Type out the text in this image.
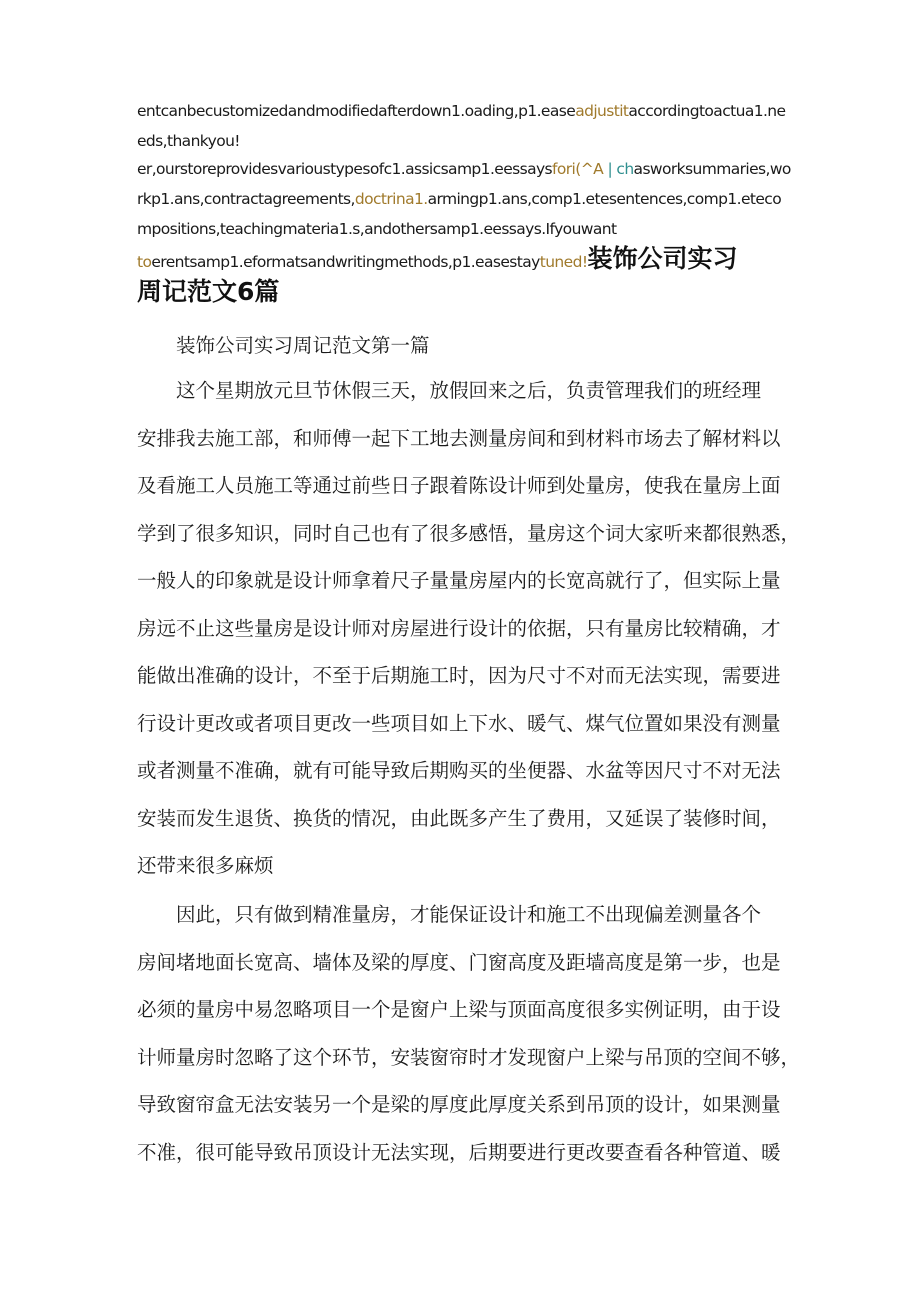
entcanbecustomizedandmodifiedafterdown1.oading,p1.easeadjustitaccordingtoactua1.needs,thankyou!

er,ourstoreprovidesvarioustypesofc1.assicsamp1.eessaysfori(^A | chasworksummaries,workp1.ans,contractagreements,doctrina1.armingp1.ans,comp1.etesentences,comp1.etecompositions,teachingmateria1.s,andothersamp1.eessays.Ifyouwant
toerentsamp1.eformatsandwritingmethods,p1.easestaytuned!装饰公司实习

周记范文6篇

装饰公司实习周记范文第一篇

这个星期放元旦节休假三天，放假回来之后，负责管理我们的班经理
安排我去施工部，和师傅一起下工地去测量房间和到材料市场去了解材料以
及看施工人员施工等通过前些日子跟着陈设计师到处量房，使我在量房上面
学到了很多知识，同时自己也有了很多感悟，量房这个词大家听来都很熟悉，
一般人的印象就是设计师拿着尺子量量房屋内的长宽高就行了，但实际上量
房远不止这些量房是设计师对房屋进行设计的依据，只有量房比较精确，才
能做出准确的设计，不至于后期施工时，因为尺寸不对而无法实现，需要进
行设计更改或者项目更改一些项目如上下水、暖气、煤气位置如果没有测量
或者测量不准确，就有可能导致后期购买的坐便器、水盆等因尺寸不对无法
安装而发生退货、换货的情况，由此既多产生了费用，又延误了装修时间，
还带来很多麻烦

因此，只有做到精准量房，才能保证设计和施工不出现偏差测量各个
房间堵地面长宽高、墙体及梁的厚度、门窗高度及距墙高度是第一步，也是
必须的量房中易忽略项目一个是窗户上梁与顶面高度很多实例证明，由于设
计师量房时忽略了这个环节，安装窗帘时才发现窗户上梁与吊顶的空间不够，
导致窗帘盒无法安装另一个是梁的厚度此厚度关系到吊顶的设计，如果测量
不准，很可能导致吊顶设计无法实现，后期要进行更改要查看各种管道、暖
